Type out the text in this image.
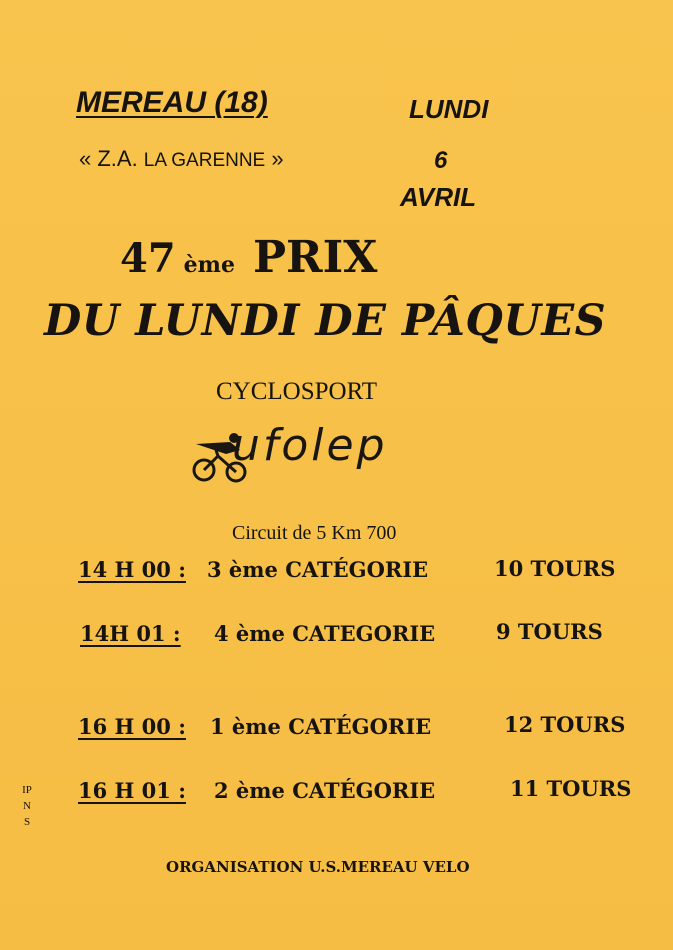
MEREAU (18)
« Z.A. LA GARENNE »
LUNDI
6
AVRIL
47 ème PRIX
DU LUNDI DE PÂQUES
CYCLOSPORT
ufolep
Circuit de 5 Km 700
14 H 00 : 3 ème CATÉGORIE	10 TOURS
14H 01 : 4 ème CATEGORIE	9 TOURS
16 H 00 : 1 ème CATÉGORIE	12 TOURS
16 H 01 : 2 ème CATÉGORIE	11 TOURS
ORGANISATION U.S.MEREAU VELO
IPNS
